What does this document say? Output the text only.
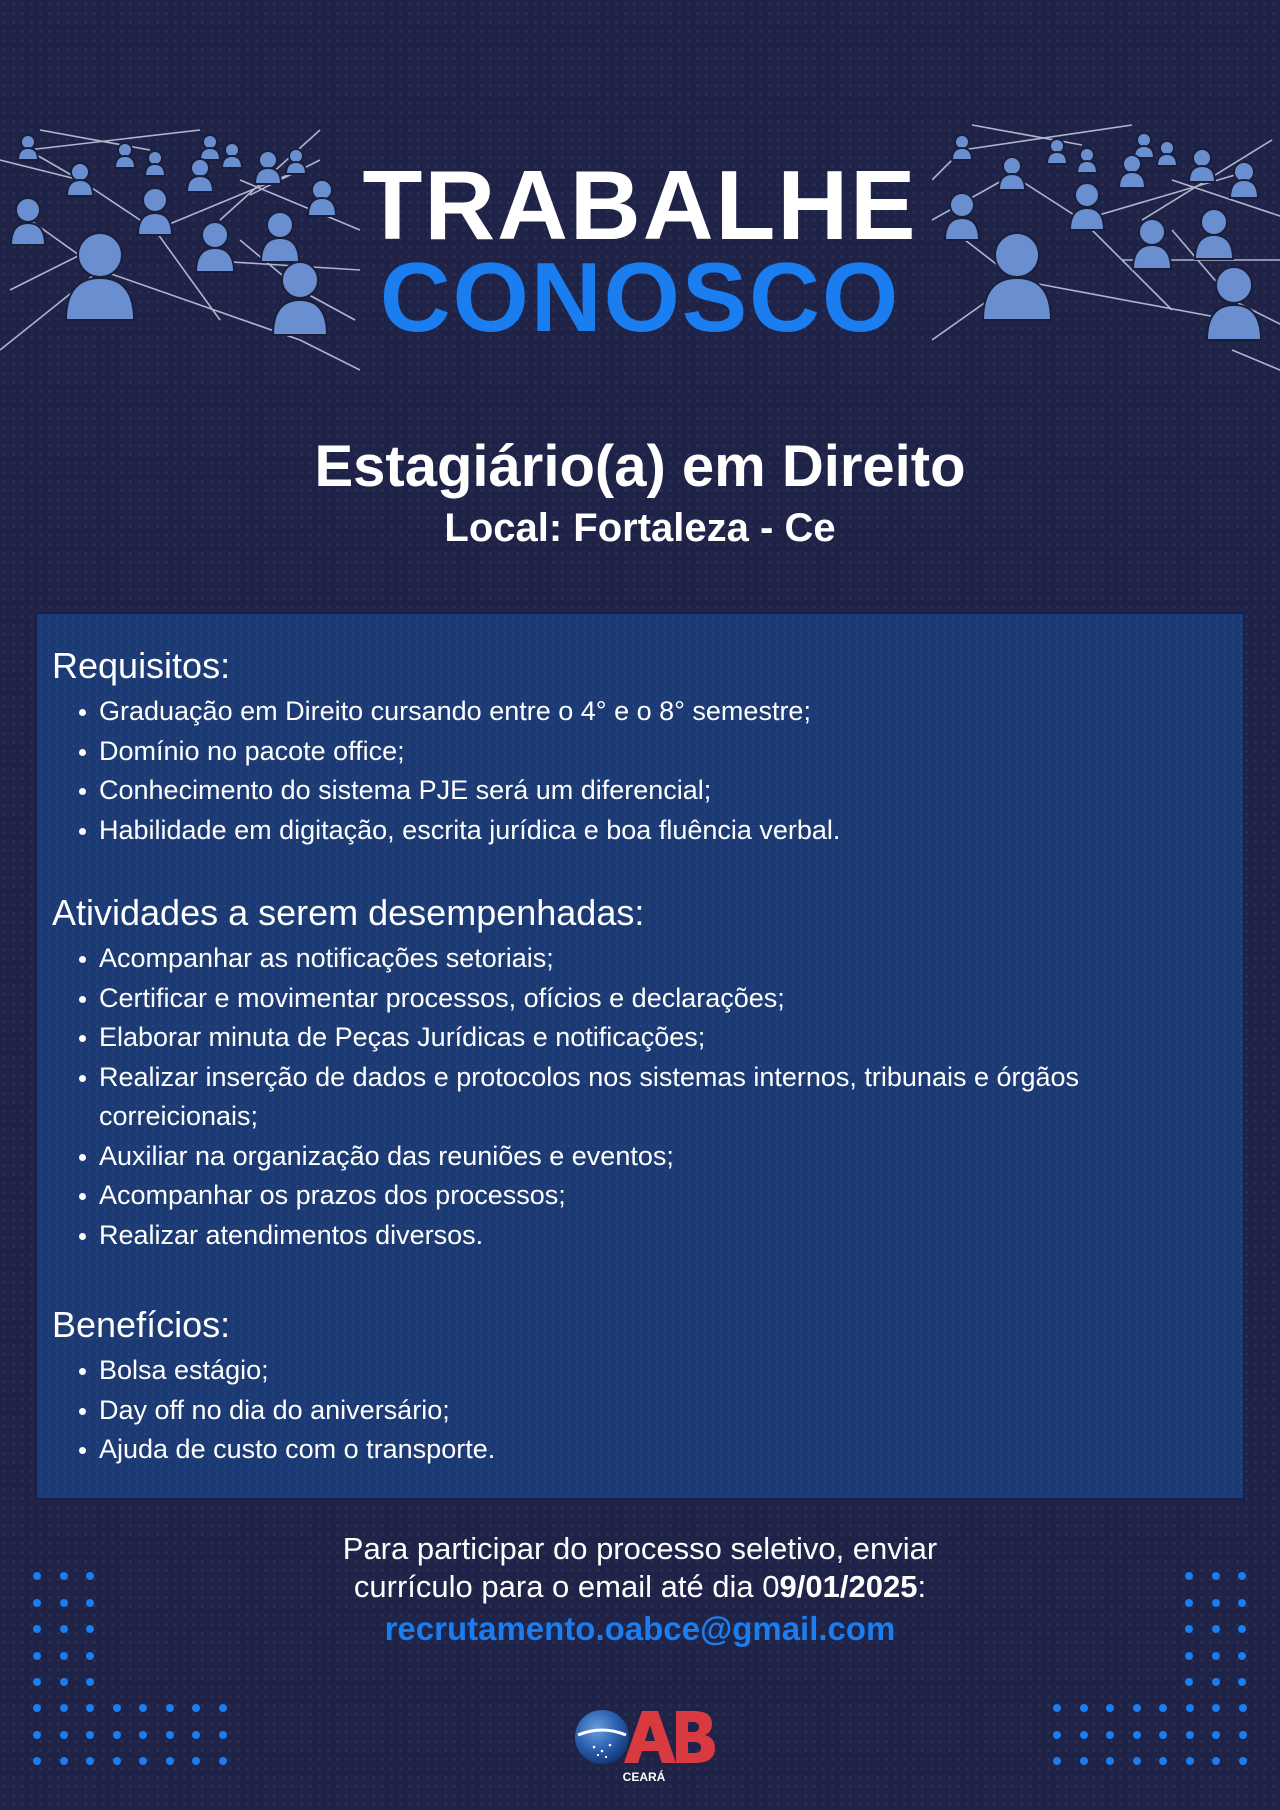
TRABALHE
CONOSCO
Estagiário(a) em Direito
Local: Fortaleza - Ce
Requisitos:
Graduação em Direito cursando entre o 4° e o 8° semestre;
Domínio no pacote office;
Conhecimento do sistema PJE será um diferencial;
Habilidade em digitação, escrita jurídica e boa fluência verbal.
Atividades a serem desempenhadas:
Acompanhar as notificações setoriais;
Certificar e movimentar processos, ofícios e declarações;
Elaborar minuta de Peças Jurídicas e notificações;
Realizar inserção de dados e protocolos nos sistemas internos, tribunais e órgãos correicionais;
Auxiliar na organização das reuniões e eventos;
Acompanhar os prazos dos processos;
Realizar atendimentos diversos.
Benefícios:
Bolsa estágio;
Day off no dia do aniversário;
Ajuda de custo com o transporte.
Para participar do processo seletivo, enviar
currículo para o email até dia 09/01/2025:
recrutamento.oabce@gmail.com
CEARÁ
